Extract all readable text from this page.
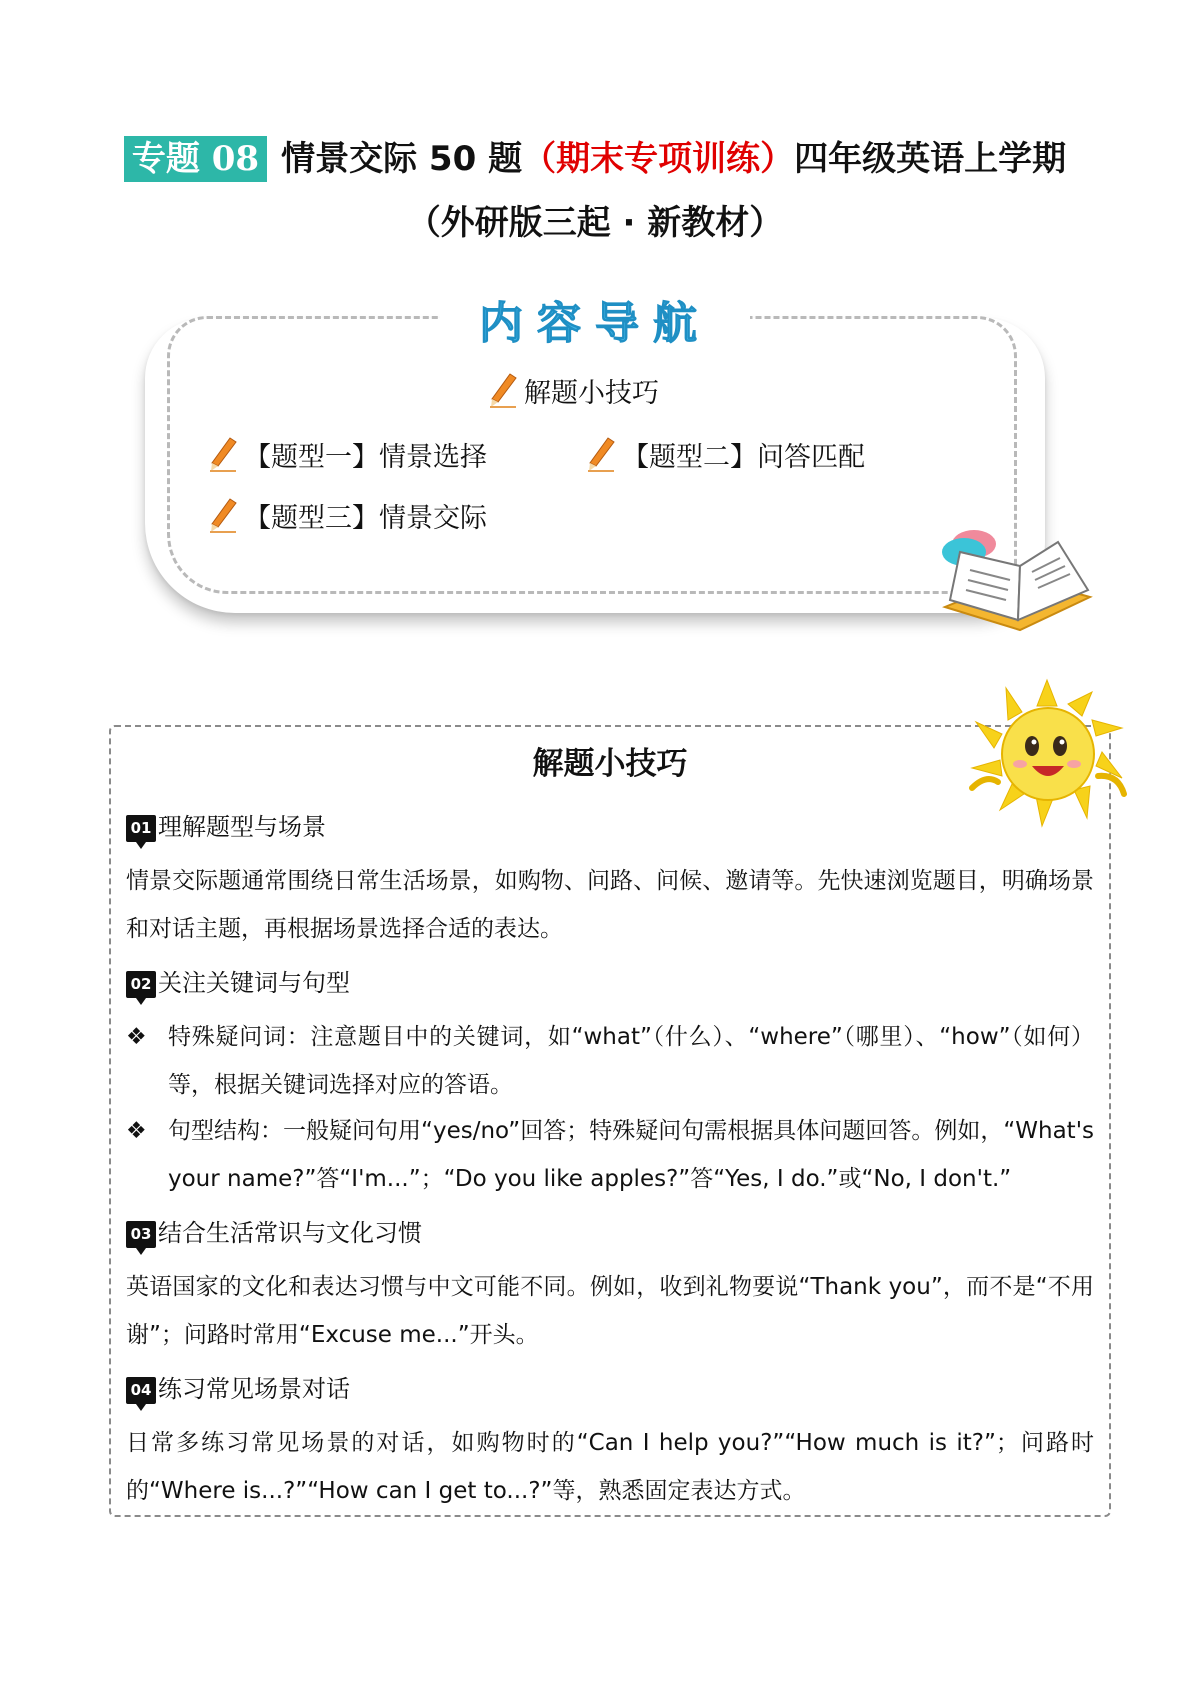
专题 08 情景交际 50 题（期末专项训练）四年级英语上学期
（外研版三起 · 新教材）
内容导航
解题小技巧
【题型一】情景选择	【题型二】问答匹配
【题型三】情景交际
解题小技巧
01 理解题型与场景
情景交际题通常围绕日常生活场景，如购物、问路、问候、邀请等。先快速浏览题目，明确场景和对话主题，再根据场景选择合适的表达。
02 关注关键词与句型
❖ 特殊疑问词：注意题目中的关键词，如“what”（什么）、“where”（哪里）、“how”（如何）等，根据关键词选择对应的答语。
❖ 句型结构：一般疑问句用“yes/no”回答；特殊疑问句需根据具体问题回答。例如，“What's your name?”答“I'm...”；“Do you like apples?”答“Yes, I do.”或“No, I don't.”
03 结合生活常识与文化习惯
英语国家的文化和表达习惯与中文可能不同。例如，收到礼物要说“Thank you”，而不是“不用谢”；问路时常用“Excuse me...”开头。
04 练习常见场景对话
日常多练习常见场景的对话，如购物时的“Can I help you?”“How much is it?”；问路时的“Where is...?”“How can I get to...?”等，熟悉固定表达方式。
